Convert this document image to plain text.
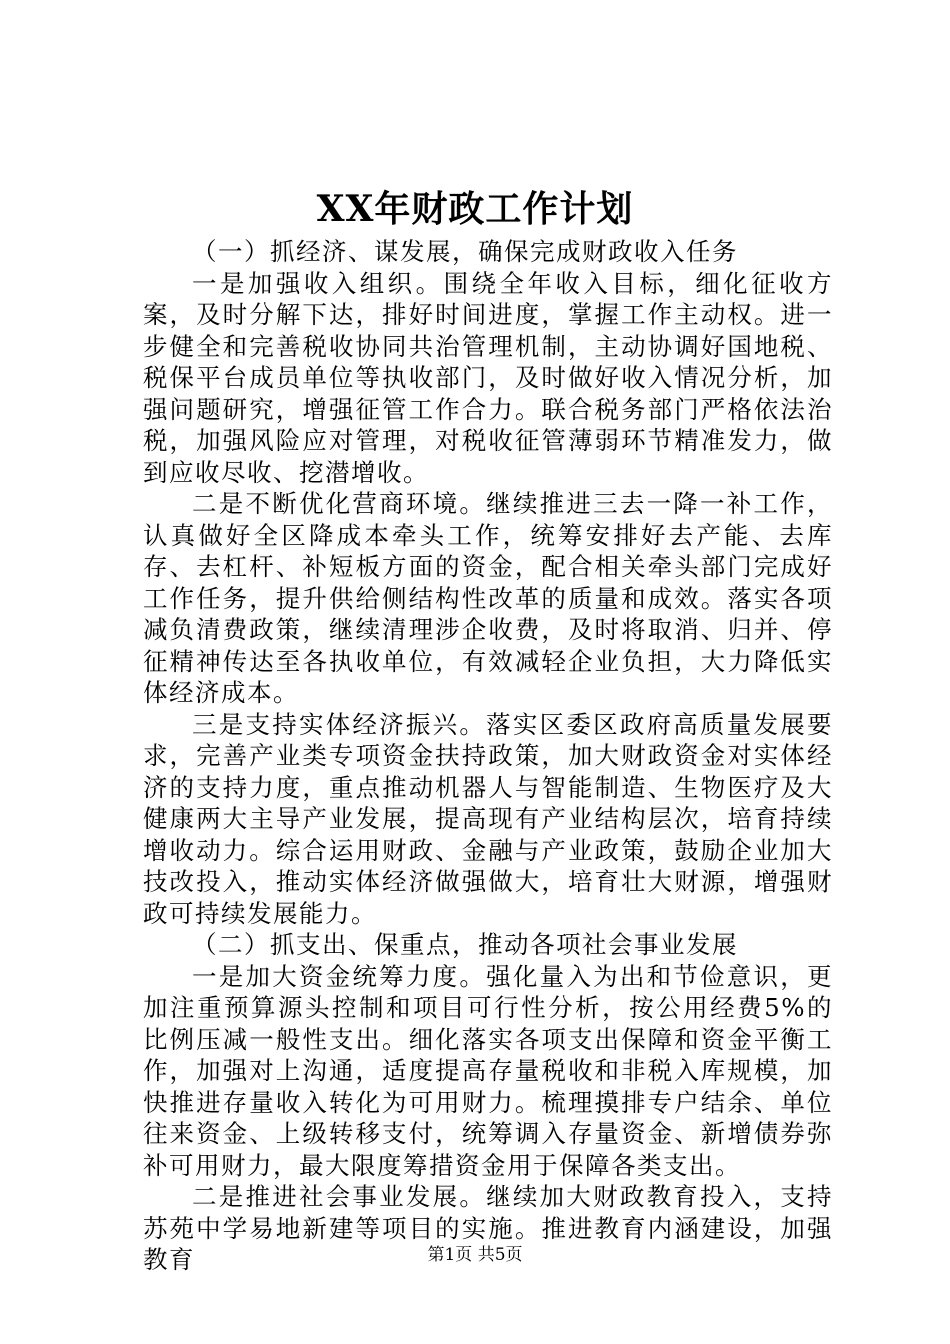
XX年财政工作计划

（一）抓经济、谋发展，确保完成财政收入任务

一是加强收入组织。围绕全年收入目标，细化征收方案，及时分解下达，排好时间进度，掌握工作主动权。进一步健全和完善税收协同共治管理机制，主动协调好国地税、税保平台成员单位等执收部门，及时做好收入情况分析，加强问题研究，增强征管工作合力。联合税务部门严格依法治税，加强风险应对管理，对税收征管薄弱环节精准发力，做到应收尽收、挖潜增收。

二是不断优化营商环境。继续推进三去一降一补工作，认真做好全区降成本牵头工作，统筹安排好去产能、去库存、去杠杆、补短板方面的资金，配合相关牵头部门完成好工作任务，提升供给侧结构性改革的质量和成效。落实各项减负清费政策，继续清理涉企收费，及时将取消、归并、停征精神传达至各执收单位，有效减轻企业负担，大力降低实体经济成本。

三是支持实体经济振兴。落实区委区政府高质量发展要求，完善产业类专项资金扶持政策，加大财政资金对实体经济的支持力度，重点推动机器人与智能制造、生物医疗及大健康两大主导产业发展，提高现有产业结构层次，培育持续增收动力。综合运用财政、金融与产业政策，鼓励企业加大技改投入，推动实体经济做强做大，培育壮大财源，增强财政可持续发展能力。

（二）抓支出、保重点，推动各项社会事业发展

一是加大资金统筹力度。强化量入为出和节俭意识，更加注重预算源头控制和项目可行性分析，按公用经费5%的比例压减一般性支出。细化落实各项支出保障和资金平衡工作，加强对上沟通，适度提高存量税收和非税入库规模，加快推进存量收入转化为可用财力。梳理摸排专户结余、单位往来资金、上级转移支付，统筹调入存量资金、新增债券弥补可用财力，最大限度筹措资金用于保障各类支出。

二是推进社会事业发展。继续加大财政教育投入，支持苏苑中学易地新建等项目的实施。推进教育内涵建设，加强教育	第1页 共5页
